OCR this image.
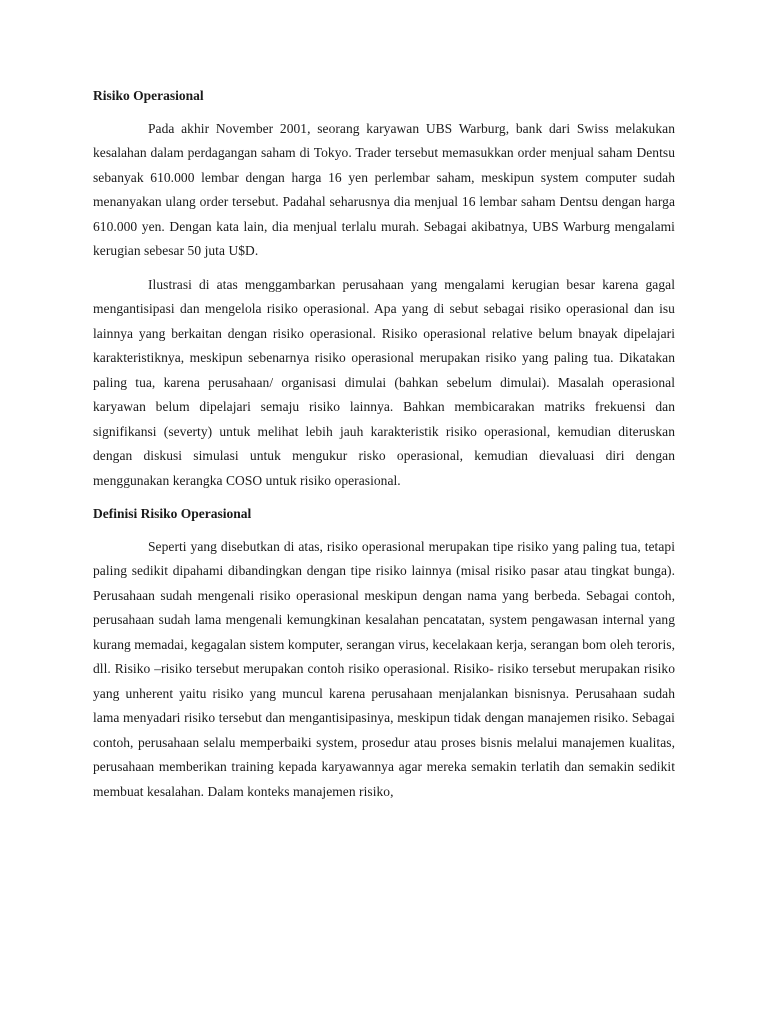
Risiko Operasional

Pada akhir November 2001, seorang karyawan UBS Warburg, bank dari Swiss melakukan kesalahan dalam perdagangan saham di Tokyo. Trader tersebut memasukkan order menjual saham Dentsu sebanyak 610.000 lembar dengan harga 16 yen perlembar saham, meskipun system computer sudah menanyakan ulang order tersebut. Padahal seharusnya dia menjual 16 lembar saham Dentsu dengan harga 610.000 yen. Dengan kata lain, dia menjual terlalu murah. Sebagai akibatnya, UBS Warburg mengalami kerugian sebesar 50 juta U$D.

Ilustrasi di atas menggambarkan perusahaan yang mengalami kerugian besar karena gagal mengantisipasi dan mengelola risiko operasional. Apa yang di sebut sebagai risiko operasional dan isu lainnya yang berkaitan dengan risiko operasional. Risiko operasional relative belum bnayak dipelajari karakteristiknya, meskipun sebenarnya risiko operasional merupakan risiko yang paling tua. Dikatakan paling tua, karena perusahaan/ organisasi dimulai (bahkan sebelum dimulai). Masalah operasional karyawan belum dipelajari semaju risiko lainnya. Bahkan membicarakan matriks frekuensi dan signifikansi (severty) untuk melihat lebih jauh karakteristik risiko operasional, kemudian diteruskan dengan diskusi simulasi untuk mengukur risko operasional, kemudian dievaluasi diri dengan menggunakan kerangka COSO untuk risiko operasional.

Definisi Risiko Operasional

Seperti yang disebutkan di atas, risiko operasional merupakan tipe risiko yang paling tua, tetapi paling sedikit dipahami dibandingkan dengan tipe risiko lainnya (misal risiko pasar atau tingkat bunga). Perusahaan sudah mengenali risiko operasional meskipun dengan nama yang berbeda. Sebagai contoh, perusahaan sudah lama mengenali kemungkinan kesalahan pencatatan, system pengawasan internal yang kurang memadai, kegagalan sistem komputer, serangan virus, kecelakaan kerja, serangan bom oleh teroris, dll. Risiko –risiko tersebut merupakan contoh risiko operasional. Risiko- risiko tersebut merupakan risiko yang unherent yaitu risiko yang muncul karena perusahaan menjalankan bisnisnya. Perusahaan sudah lama menyadari risiko tersebut dan mengantisipasinya, meskipun tidak dengan manajemen risiko. Sebagai contoh, perusahaan selalu memperbaiki system, prosedur atau proses bisnis melalui manajemen kualitas, perusahaan memberikan training kepada karyawannya agar mereka semakin terlatih dan semakin sedikit membuat kesalahan. Dalam konteks manajemen risiko,
